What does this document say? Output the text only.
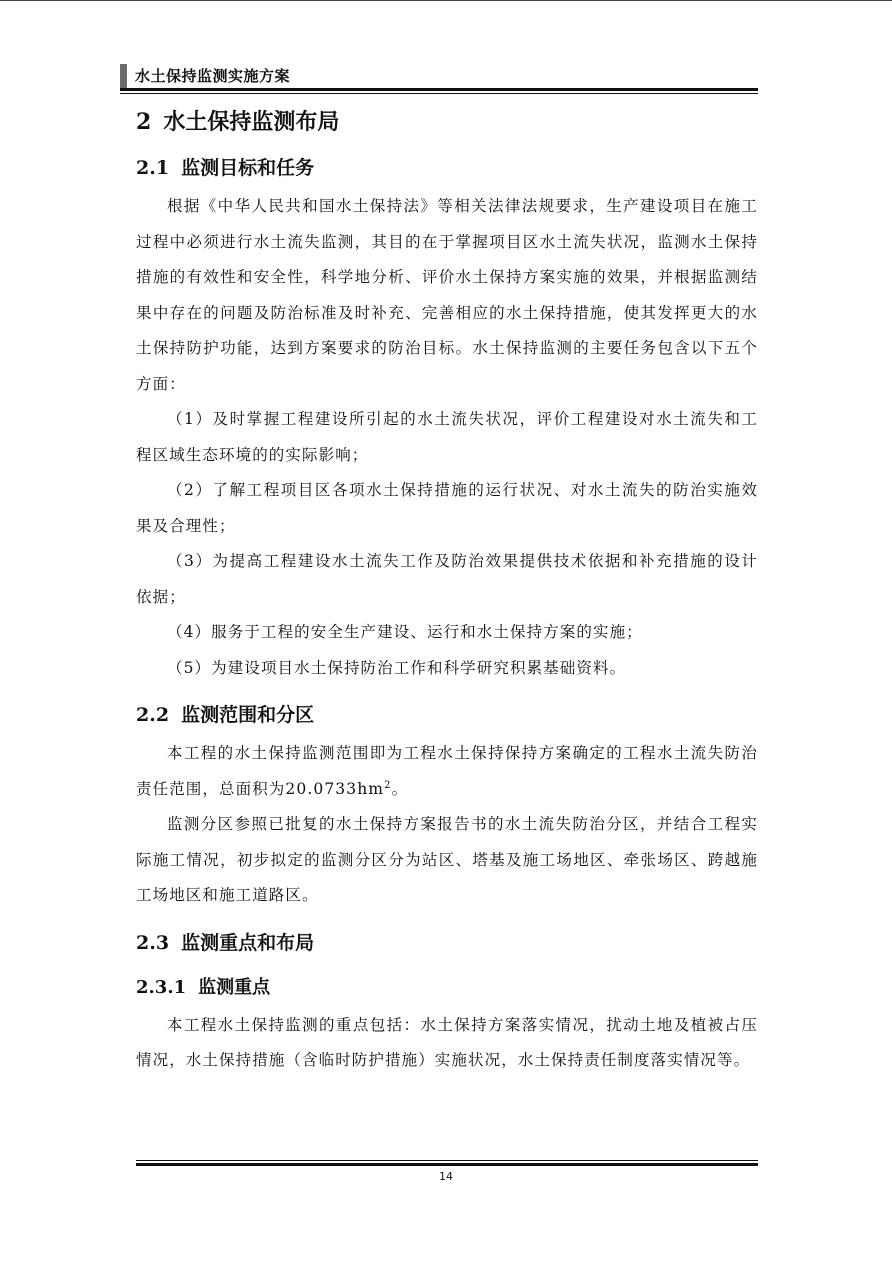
水土保持监测实施方案
2 水土保持监测布局
2.1 监测目标和任务

根据《中华人民共和国水土保持法》等相关法律法规要求，生产建设项目在施工过程中必须进行水土流失监测，其目的在于掌握项目区水土流失状况，监测水土保持措施的有效性和安全性，科学地分析、评价水土保持方案实施的效果，并根据监测结果中存在的问题及防治标准及时补充、完善相应的水土保持措施，使其发挥更大的水土保持防护功能，达到方案要求的防治目标。水土保持监测的主要任务包含以下五个方面：

（1）及时掌握工程建设所引起的水土流失状况，评价工程建设对水土流失和工程区域生态环境的的实际影响；

（2）了解工程项目区各项水土保持措施的运行状况、对水土流失的防治实施效果及合理性；

（3）为提高工程建设水土流失工作及防治效果提供技术依据和补充措施的设计依据；

（4）服务于工程的安全生产建设、运行和水土保持方案的实施；

（5）为建设项目水土保持防治工作和科学研究积累基础资料。

2.2 监测范围和分区

本工程的水土保持监测范围即为工程水土保持保持方案确定的工程水土流失防治责任范围，总面积为$20.0733hm^2$。

监测分区参照已批复的水土保持方案报告书的水土流失防治分区，并结合工程实际施工情况，初步拟定的监测分区分为站区、塔基及施工场地区、牵张场区、跨越施工场地区和施工道路区。

2.3 监测重点和布局
2.3.1 监测重点

本工程水土保持监测的重点包括：水土保持方案落实情况，扰动土地及植被占压情况，水土保持措施（含临时防护措施）实施状况，水土保持责任制度落实情况等。

14
